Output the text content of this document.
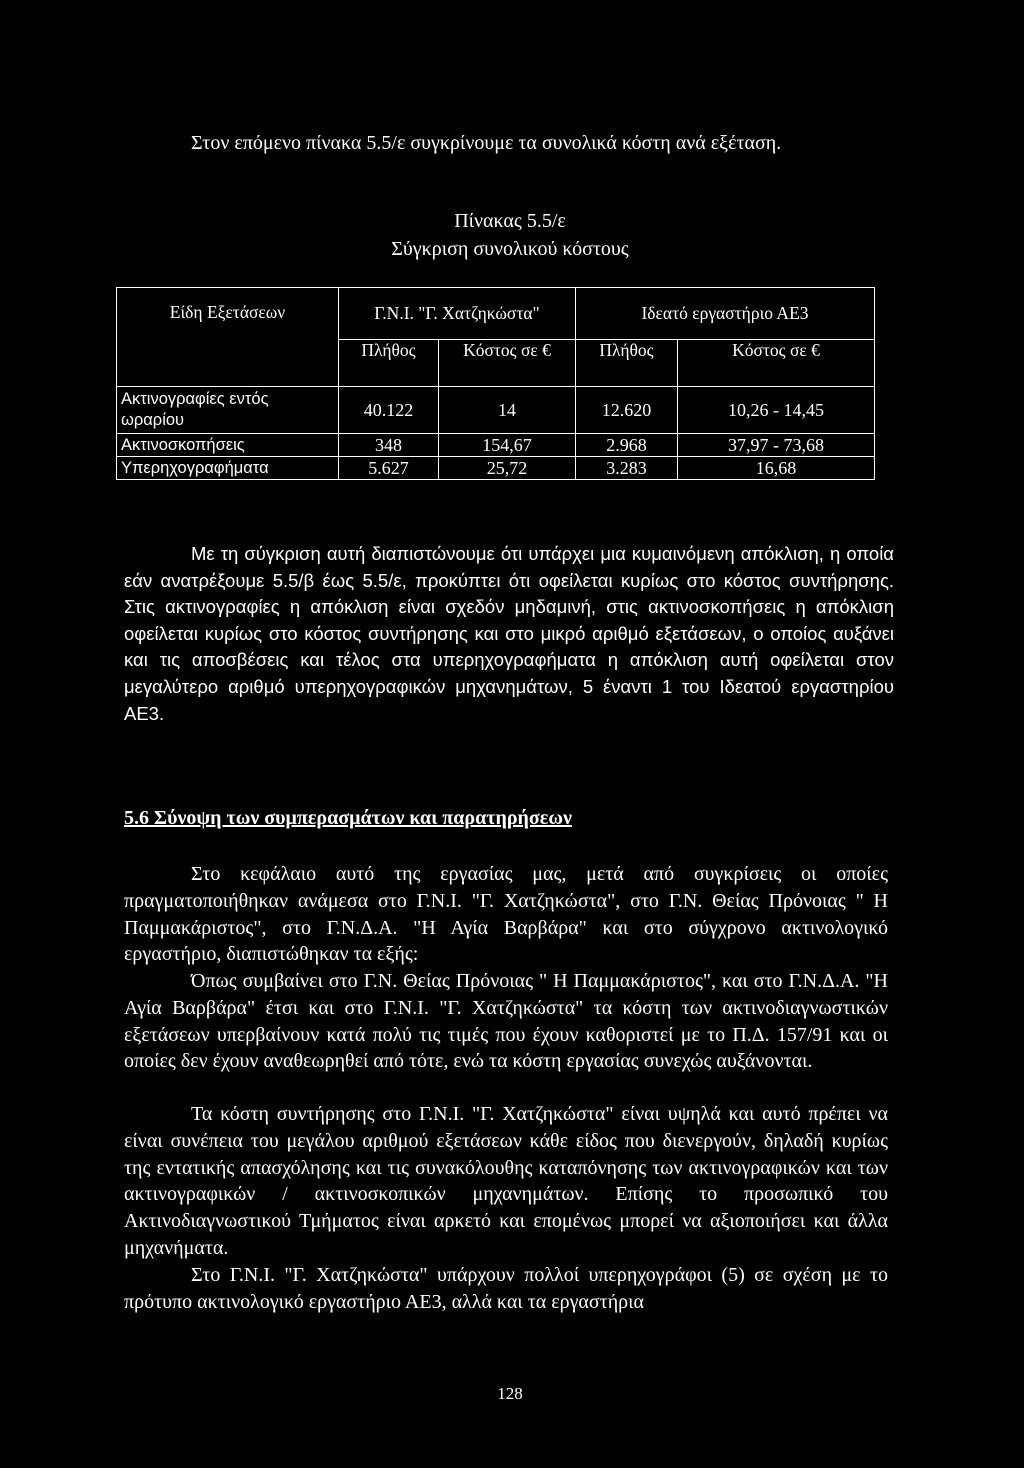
Στον επόμενο πίνακα 5.5/ε συγκρίνουμε τα συνολικά κόστη ανά εξέταση.
Πίνακας 5.5/ε
Σύγκριση συνολικού κόστους
Είδη Εξετάσεων	Γ.Ν.Ι. "Γ. Χατζηκώστα"		Ιδεατό εργαστήριο ΑΕ3	
	Πλήθος	Κόστος σε €	Πλήθος	Κόστος σε €
Ακτινογραφίες εντός ωραρίου	40.122	14	12.620	10,26 - 14,45
Ακτινοσκοπήσεις	348	154,67	2.968	37,97 - 73,68
Υπερηχογραφήματα	5.627	25,72	3.283	16,68
Με τη σύγκριση αυτή διαπιστώνουμε ότι υπάρχει μια κυμαινόμενη απόκλιση, η οποία εάν ανατρέξουμε 5.5/β έως 5.5/ε, προκύπτει ότι οφείλεται κυρίως στο κόστος συντήρησης. Στις ακτινογραφίες η απόκλιση είναι σχεδόν μηδαμινή, στις ακτινοσκοπήσεις η απόκλιση οφείλεται κυρίως στο κόστος συντήρησης και στο μικρό αριθμό εξετάσεων, ο οποίος αυξάνει και τις αποσβέσεις και τέλος στα υπερηχογραφήματα η απόκλιση αυτή οφείλεται στον μεγαλύτερο αριθμό υπερηχογραφικών μηχανημάτων, 5 έναντι 1 του Ιδεατού εργαστηρίου ΑΕ3.
5.6 Σύνοψη των συμπερασμάτων και παρατηρήσεων
Στο κεφάλαιο αυτό της εργασίας μας, μετά από συγκρίσεις οι οποίες πραγματοποιήθηκαν ανάμεσα στο Γ.Ν.Ι. "Γ. Χατζηκώστα", στο Γ.Ν. Θείας Πρόνοιας " Η Παμμακάριστος", στο Γ.Ν.Δ.Α. "Η Αγία Βαρβάρα" και στο σύγχρονο ακτινολογικό εργαστήριο, διαπιστώθηκαν τα εξής:
Όπως συμβαίνει στο Γ.Ν. Θείας Πρόνοιας " Η Παμμακάριστος", και στο Γ.Ν.Δ.Α. "Η Αγία Βαρβάρα" έτσι και στο Γ.Ν.Ι. "Γ. Χατζηκώστα" τα κόστη των ακτινοδιαγνωστικών εξετάσεων υπερβαίνουν κατά πολύ τις τιμές που έχουν καθοριστεί με το Π.Δ. 157/91 και οι οποίες δεν έχουν αναθεωρηθεί από τότε, ενώ τα κόστη εργασίας συνεχώς αυξάνονται.
Τα κόστη συντήρησης στο Γ.Ν.Ι. "Γ. Χατζηκώστα" είναι υψηλά και αυτό πρέπει να είναι συνέπεια του μεγάλου αριθμού εξετάσεων κάθε είδος που διενεργούν, δηλαδή κυρίως της εντατικής απασχόλησης και τις συνακόλουθης καταπόνησης των ακτινογραφικών και των ακτινογραφικών / ακτινοσκοπικών μηχανημάτων. Επίσης το προσωπικό του Ακτινοδιαγνωστικού Τμήματος είναι αρκετό και επομένως μπορεί να αξιοποιήσει και άλλα μηχανήματα.
Στο Γ.Ν.Ι. "Γ. Χατζηκώστα" υπάρχουν πολλοί υπερηχογράφοι (5) σε σχέση με το πρότυπο ακτινολογικό εργαστήριο ΑΕ3, αλλά και τα εργαστήρια
128
